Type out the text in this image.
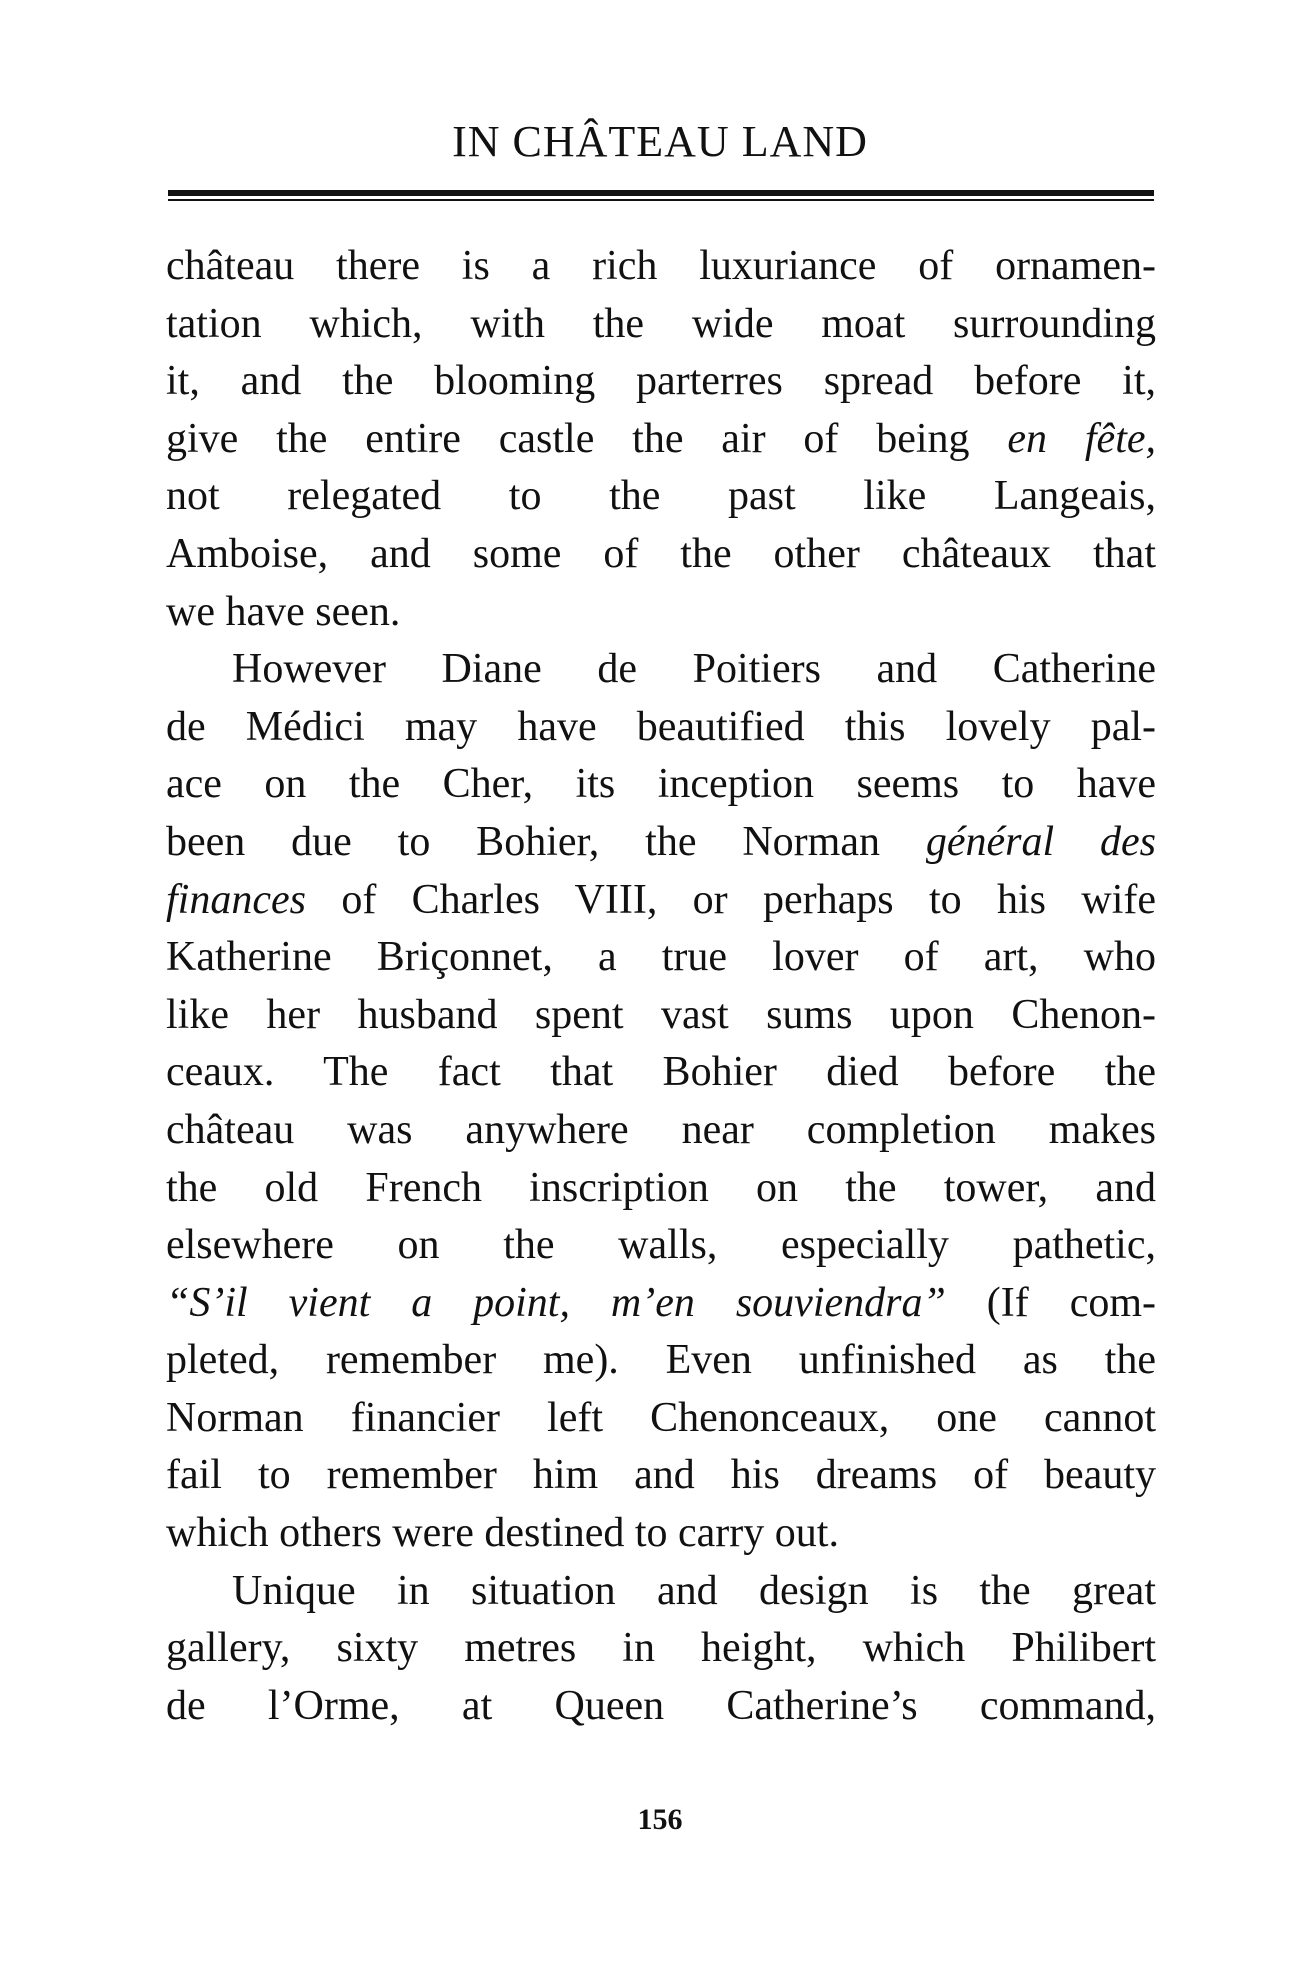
IN CHÂTEAU LAND
château there is a rich luxuriance of ornamen-
tation which, with the wide moat surrounding
it, and the blooming parterres spread before it,
give the entire castle the air of being en fête,
not relegated to the past like Langeais,
Amboise, and some of the other châteaux that
we have seen.
However Diane de Poitiers and Catherine
de Médici may have beautified this lovely pal-
ace on the Cher, its inception seems to have
been due to Bohier, the Norman général des
finances of Charles VIII, or perhaps to his wife
Katherine Briçonnet, a true lover of art, who
like her husband spent vast sums upon Chenon-
ceaux. The fact that Bohier died before the
château was anywhere near completion makes
the old French inscription on the tower, and
elsewhere on the walls, especially pathetic,
“S’il vient a point, m’en souviendra” (If com-
pleted, remember me). Even unfinished as the
Norman financier left Chenonceaux, one cannot
fail to remember him and his dreams of beauty
which others were destined to carry out.
Unique in situation and design is the great
gallery, sixty metres in height, which Philibert
de l’Orme, at Queen Catherine’s command,
156
